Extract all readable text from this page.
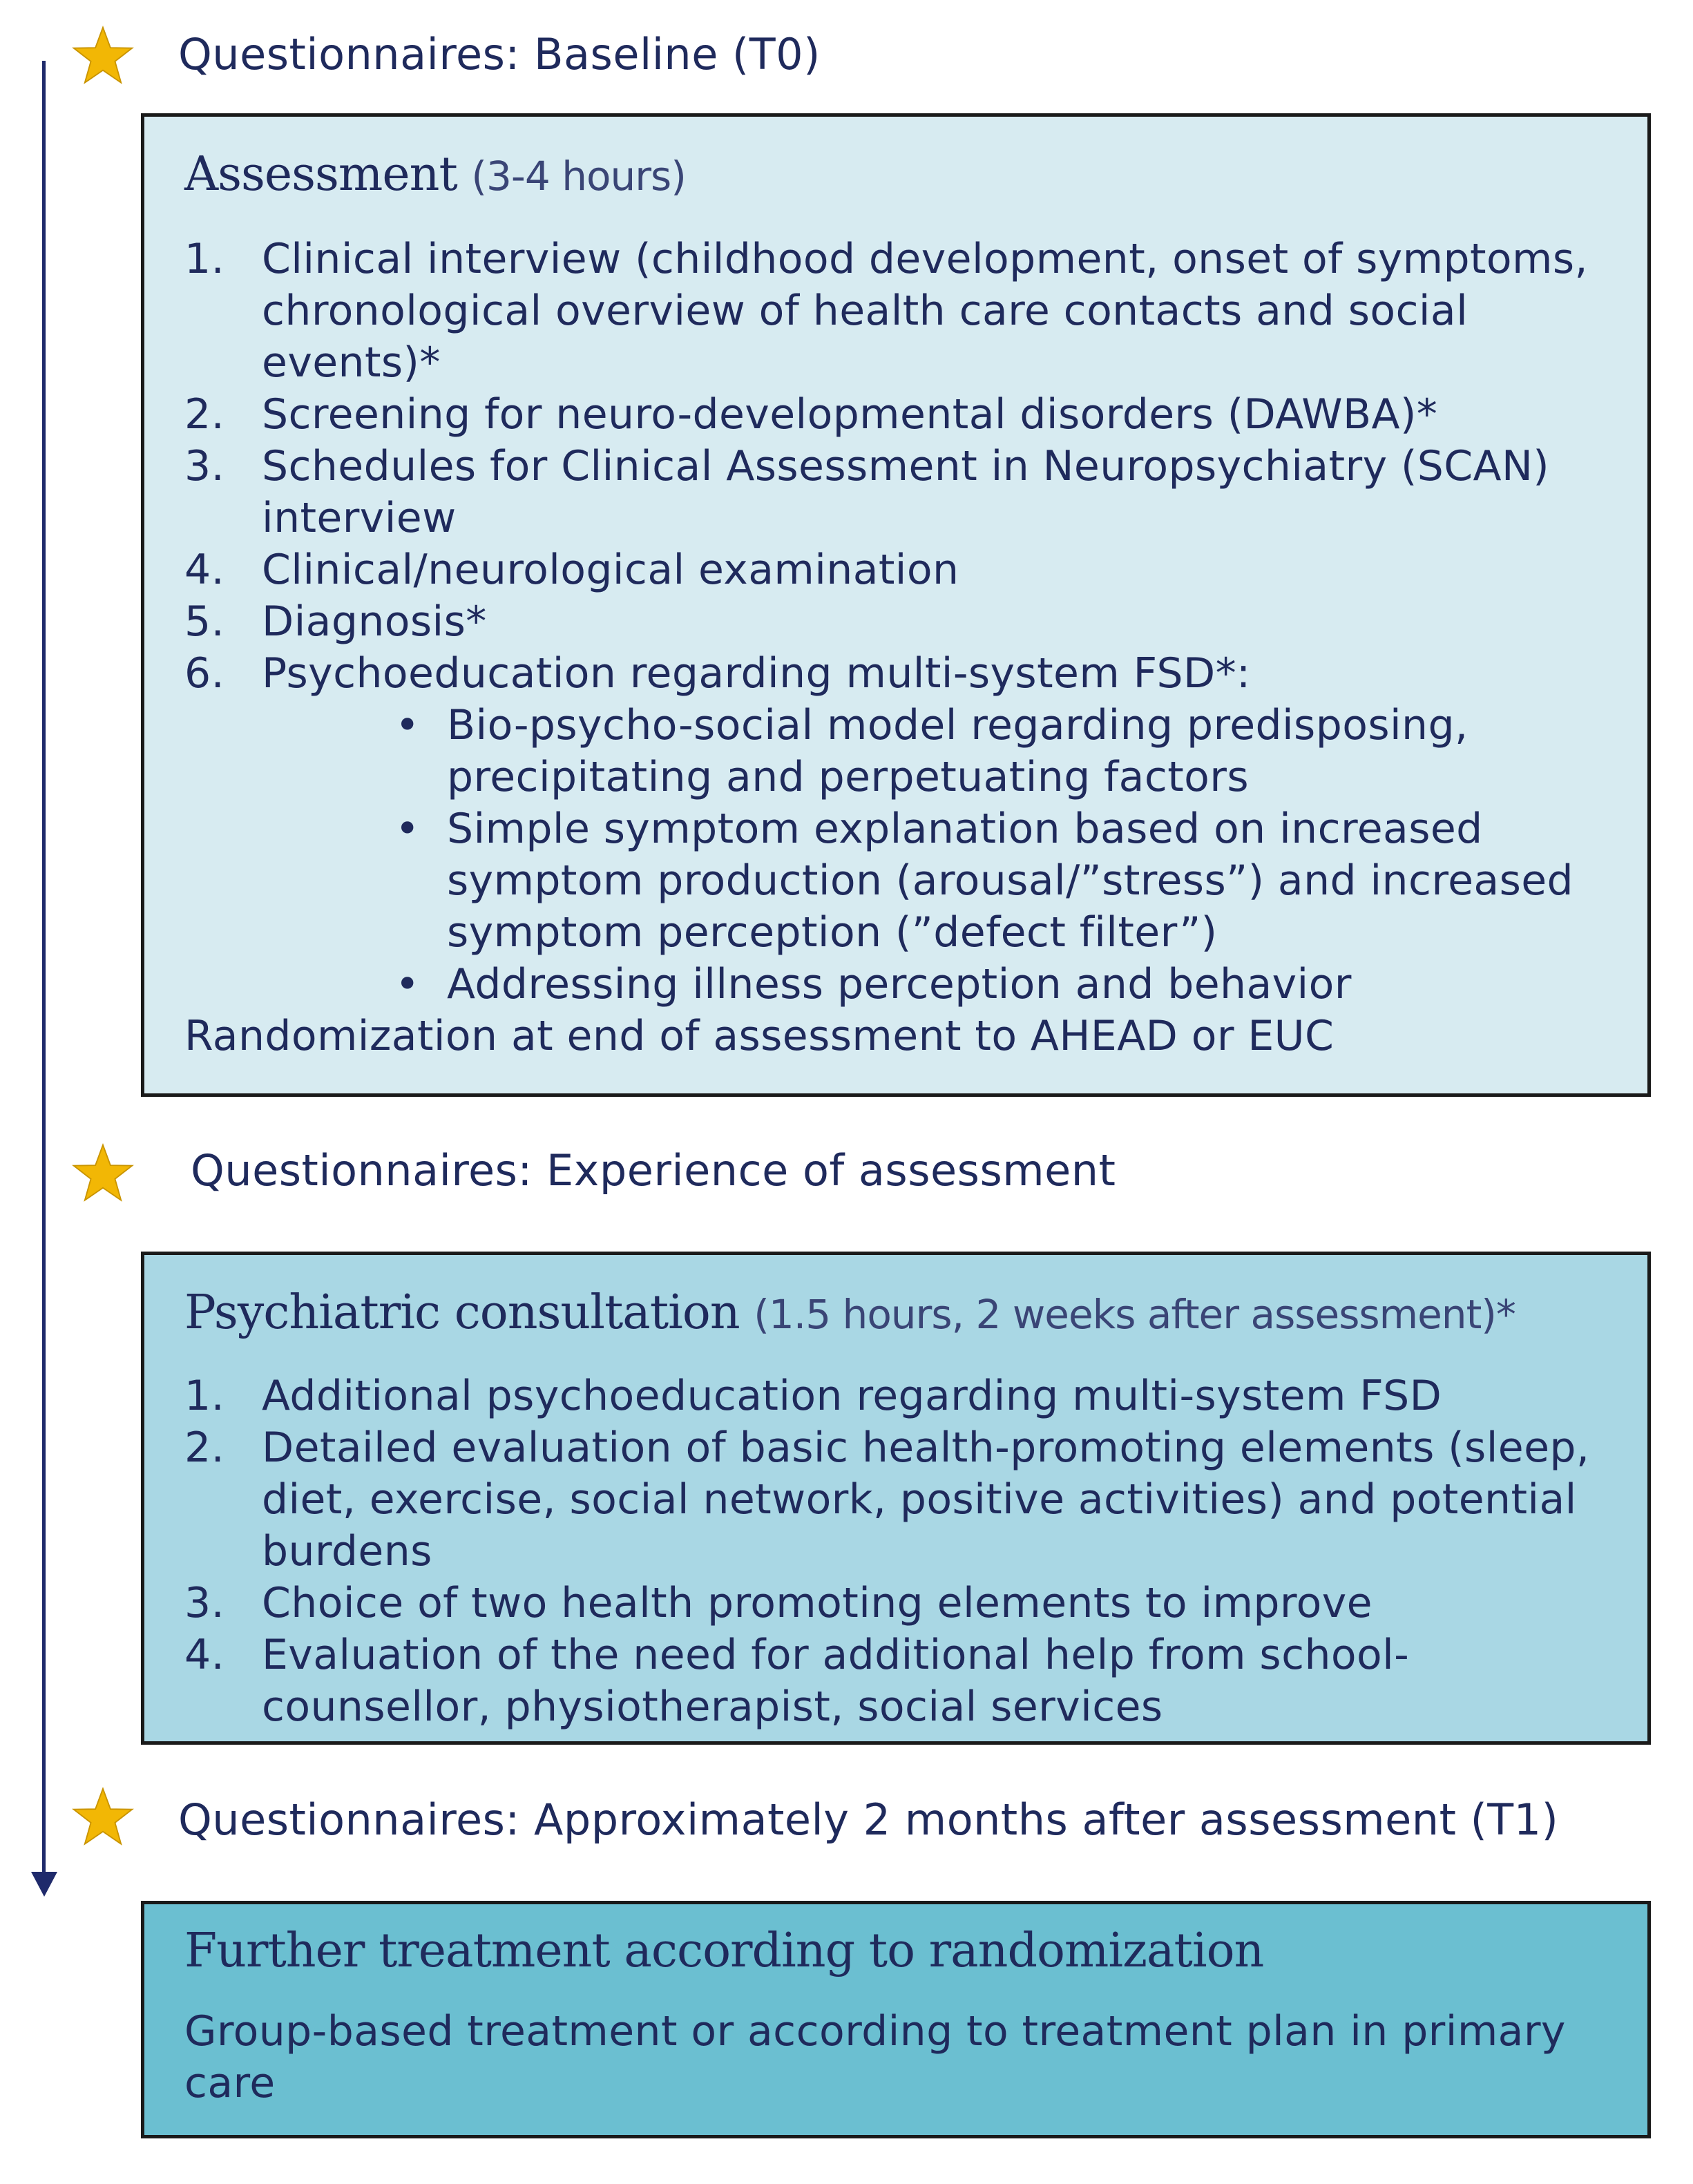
Questionnaires: Baseline (T0)
Assessment (3-4 hours)
1. Clinical interview (childhood development, onset of symptoms, chronological overview of health care contacts and social events)*
2. Screening for neuro-developmental disorders (DAWBA)*
3. Schedules for Clinical Assessment in Neuropsychiatry (SCAN) interview
4. Clinical/neurological examination
5. Diagnosis*
6. Psychoeducation regarding multi-system FSD*:
• Bio-psycho-social model regarding predisposing, precipitating and perpetuating factors
• Simple symptom explanation based on increased symptom production (arousal/”stress”) and increased symptom perception (”defect filter”)
• Addressing illness perception and behavior
Randomization at end of assessment to AHEAD or EUC
Questionnaires: Experience of assessment
Psychiatric consultation (1.5 hours, 2 weeks after assessment)*
1. Additional psychoeducation regarding multi-system FSD
2. Detailed evaluation of basic health-promoting elements (sleep, diet, exercise, social network, positive activities) and potential burdens
3. Choice of two health promoting elements to improve
4. Evaluation of the need for additional help from school-counsellor, physiotherapist, social services
Questionnaires: Approximately 2 months after assessment (T1)
Further treatment according to randomization
Group-based treatment or according to treatment plan in primary care
